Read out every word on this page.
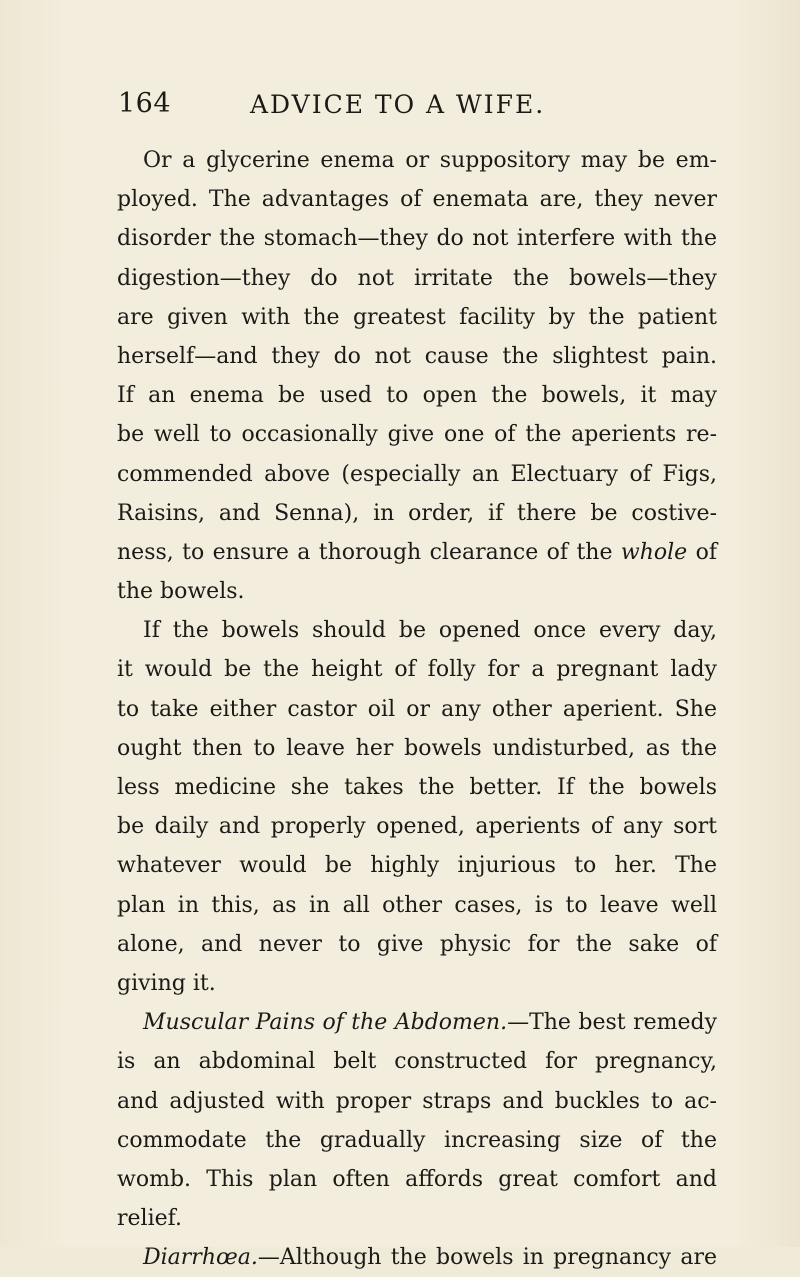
164	ADVICE TO A WIFE.
Or a glycerine enema or suppository may be em-
ployed. The advantages of enemata are, they never
disorder the stomach—they do not interfere with the
digestion—they do not irritate the bowels—they
are given with the greatest facility by the patient
herself—and they do not cause the slightest pain.
If an enema be used to open the bowels, it may
be well to occasionally give one of the aperients re-
commended above (especially an Electuary of Figs,
Raisins, and Senna), in order, if there be costive-
ness, to ensure a thorough clearance of the whole of
the bowels.
If the bowels should be opened once every day,
it would be the height of folly for a pregnant lady
to take either castor oil or any other aperient. She
ought then to leave her bowels undisturbed, as the
less medicine she takes the better. If the bowels
be daily and properly opened, aperients of any sort
whatever would be highly injurious to her. The
plan in this, as in all other cases, is to leave well
alone, and never to give physic for the sake of
giving it.
Muscular Pains of the Abdomen.—The best remedy
is an abdominal belt constructed for pregnancy,
and adjusted with proper straps and buckles to ac-
commodate the gradually increasing size of the
womb. This plan often affords great comfort and
relief.
Diarrhœa.—Although the bowels in pregnancy are
